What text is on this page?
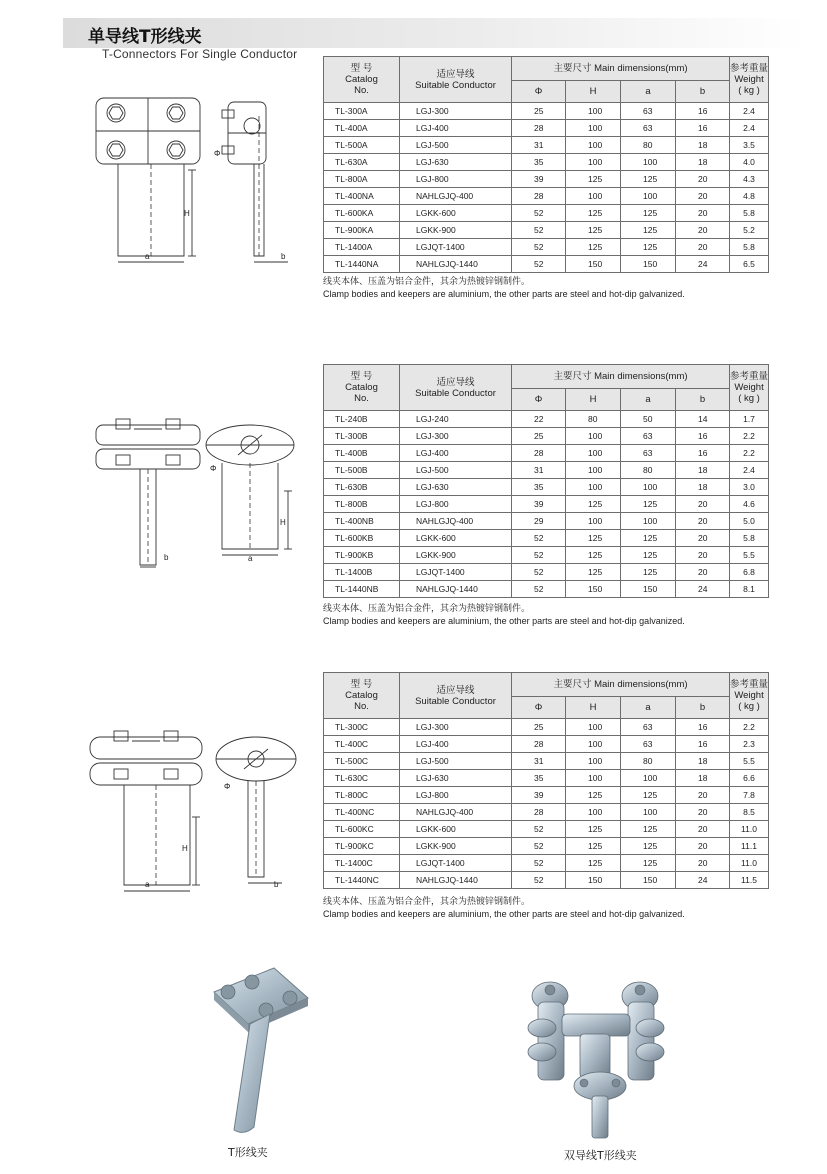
单导线T形线夹
T-Connectors For Single Conductor
H
a
Φ
b
型 号
Catalog
No.	适应导线
Suitable Conductor	主要尺寸 Main dimensions(mm)				参考重量
Weight
( kg )
		Φ	H	a	b	
TL-300A	LGJ-300	25	100	63	16	2.4
TL-400A	LGJ-400	28	100	63	16	2.4
TL-500A	LGJ-500	31	100	80	18	3.5
TL-630A	LGJ-630	35	100	100	18	4.0
TL-800A	LGJ-800	39	125	125	20	4.3
TL-400NA	NAHLGJQ-400	28	100	100	20	4.8
TL-600KA	LGKK-600	52	125	125	20	5.8
TL-900KA	LGKK-900	52	125	125	20	5.2
TL-1400A	LGJQT-1400	52	125	125	20	5.8
TL-1440NA	NAHLGJQ-1440	52	150	150	24	6.5
线夹本体、压盖为铝合金件，其余为热镀锌钢制件。
Clamp bodies and keepers are aluminium, the other parts are steel and hot-dip galvanized.
b
Φ
H
a
型 号
Catalog
No.	适应导线
Suitable Conductor	主要尺寸 Main dimensions(mm)				参考重量
Weight
( kg )
		Φ	H	a	b	
TL-240B	LGJ-240	22	80	50	14	1.7
TL-300B	LGJ-300	25	100	63	16	2.2
TL-400B	LGJ-400	28	100	63	16	2.2
TL-500B	LGJ-500	31	100	80	18	2.4
TL-630B	LGJ-630	35	100	100	18	3.0
TL-800B	LGJ-800	39	125	125	20	4.6
TL-400NB	NAHLGJQ-400	29	100	100	20	5.0
TL-600KB	LGKK-600	52	125	125	20	5.8
TL-900KB	LGKK-900	52	125	125	20	5.5
TL-1400B	LGJQT-1400	52	125	125	20	6.8
TL-1440NB	NAHLGJQ-1440	52	150	150	24	8.1
线夹本体、压盖为铝合金件，其余为热镀锌钢制件。
Clamp bodies and keepers are aluminium, the other parts are steel and hot-dip galvanized.
H
a
Φ
b
型 号
Catalog
No.	适应导线
Suitable Conductor	主要尺寸 Main dimensions(mm)				参考重量
Weight
( kg )
		Φ	H	a	b	
TL-300C	LGJ-300	25	100	63	16	2.2
TL-400C	LGJ-400	28	100	63	16	2.3
TL-500C	LGJ-500	31	100	80	18	5.5
TL-630C	LGJ-630	35	100	100	18	6.6
TL-800C	LGJ-800	39	125	125	20	7.8
TL-400NC	NAHLGJQ-400	28	100	100	20	8.5
TL-600KC	LGKK-600	52	125	125	20	11.0
TL-900KC	LGKK-900	52	125	125	20	11.1
TL-1400C	LGJQT-1400	52	125	125	20	11.0
TL-1440NC	NAHLGJQ-1440	52	150	150	24	11.5
线夹本体、压盖为铝合金件，其余为热镀锌钢制件。
Clamp bodies and keepers are aluminium, the other parts are steel and hot-dip galvanized.
T形线夹	双导线T形线夹
